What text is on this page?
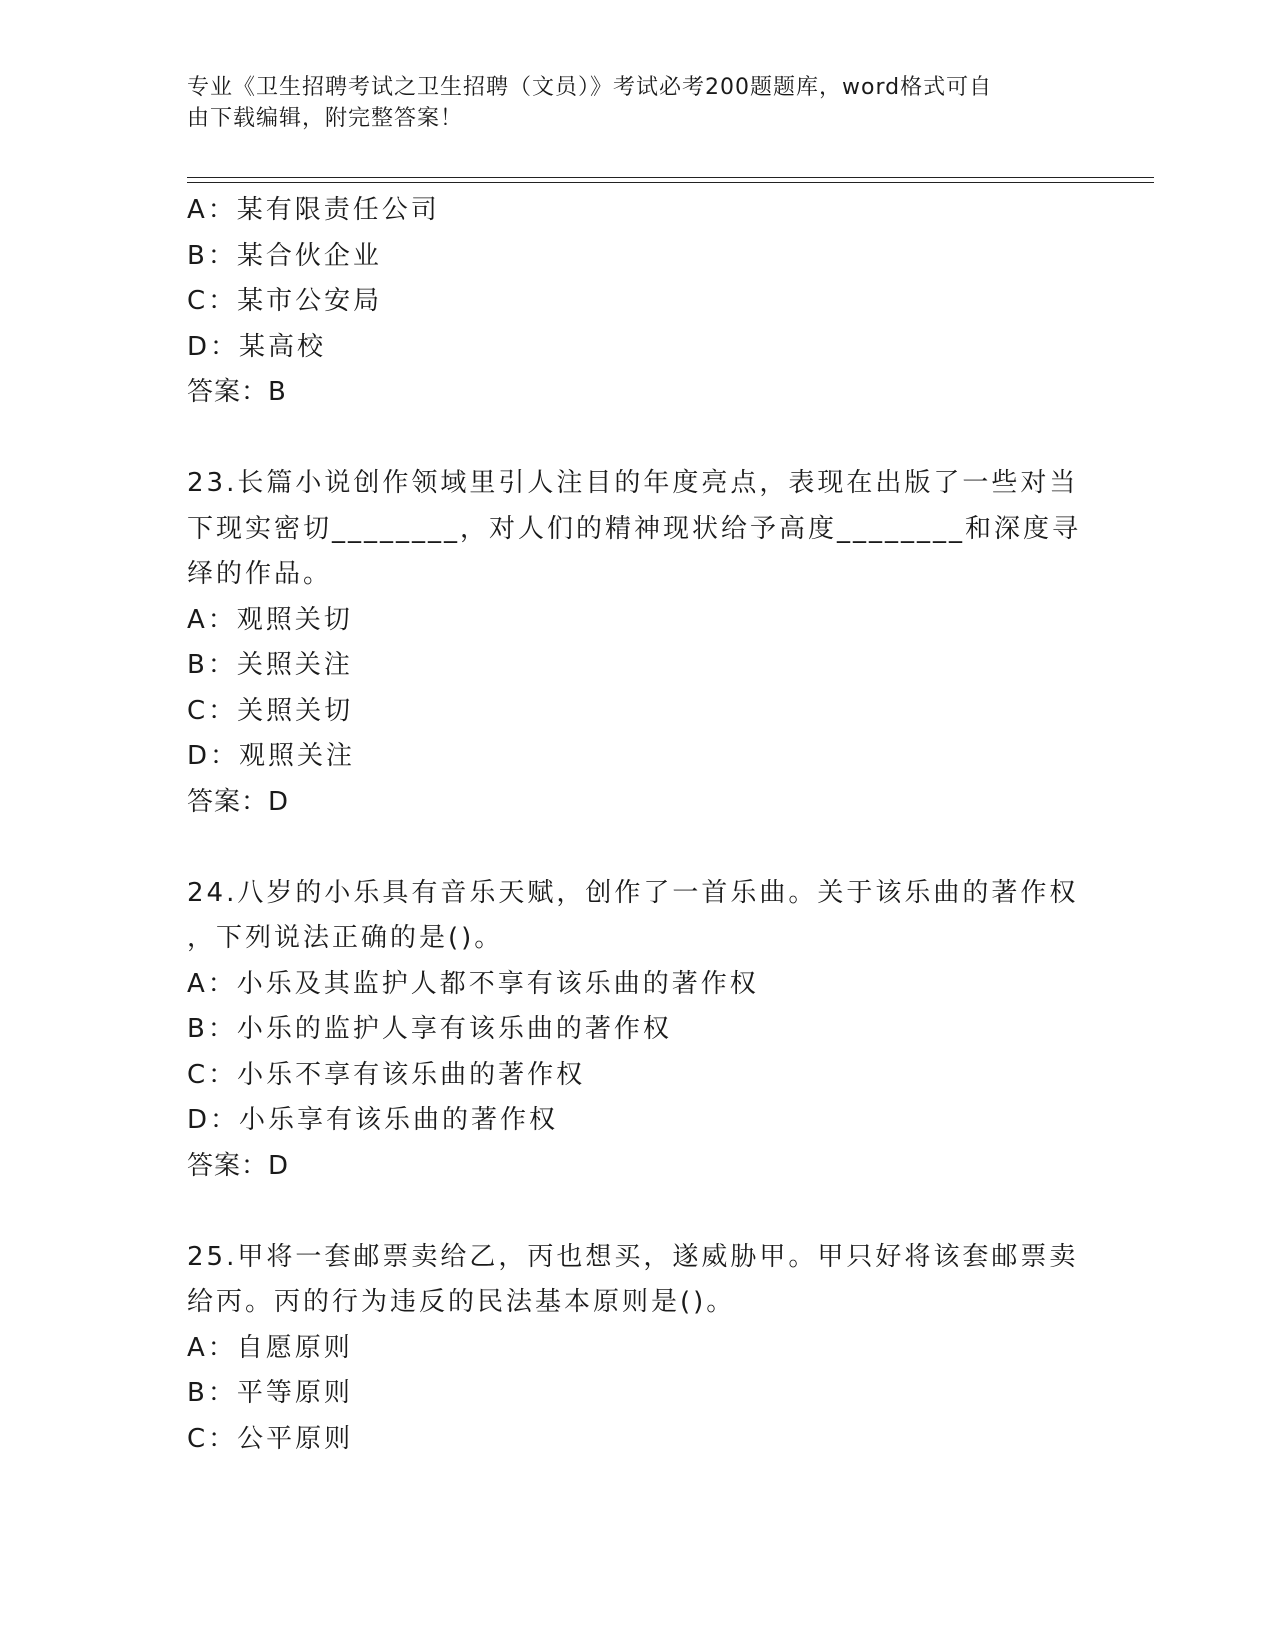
专业《卫生招聘考试之卫生招聘（文员）》考试必考200题题库，word格式可自
由下载编辑，附完整答案！
A：某有限责任公司
B：某合伙企业
C：某市公安局
D：某高校
答案：B
23.长篇小说创作领域里引人注目的年度亮点，表现在出版了一些对当
下现实密切________，对人们的精神现状给予高度________和深度寻
绎的作品。
A：观照关切
B：关照关注
C：关照关切
D：观照关注
答案：D
24.八岁的小乐具有音乐天赋，创作了一首乐曲。关于该乐曲的著作权
，下列说法正确的是()。
A：小乐及其监护人都不享有该乐曲的著作权
B：小乐的监护人享有该乐曲的著作权
C：小乐不享有该乐曲的著作权
D：小乐享有该乐曲的著作权
答案：D
25.甲将一套邮票卖给乙，丙也想买，遂威胁甲。甲只好将该套邮票卖
给丙。丙的行为违反的民法基本原则是()。
A：自愿原则
B：平等原则
C：公平原则
